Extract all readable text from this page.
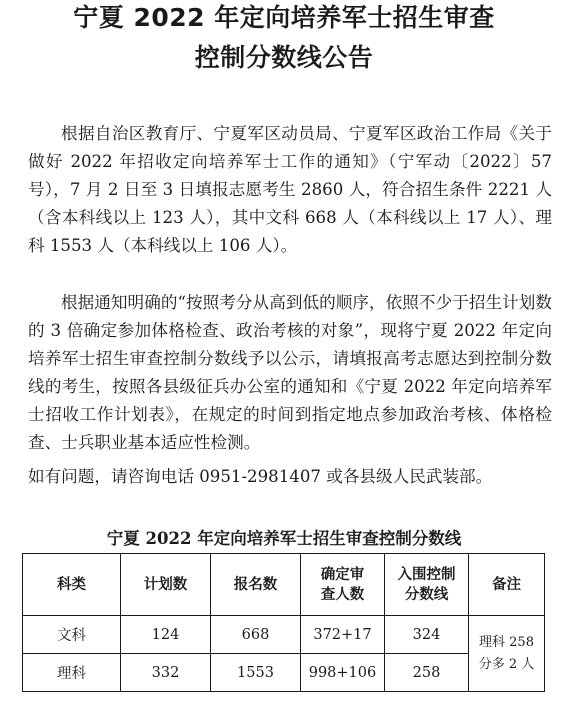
宁夏 2022 年定向培养军士招生审查
控制分数线公告

根据自治区教育厅、宁夏军区动员局、宁夏军区政治工作局《关于做好 2022 年招收定向培养军士工作的通知》（宁军动〔2022〕57 号），7 月 2 日至 3 日填报志愿考生 2860 人，符合招生条件 2221 人（含本科线以上 123 人），其中文科 668 人（本科线以上 17 人）、理科 1553 人（本科线以上 106 人）。

根据通知明确的“按照考分从高到低的顺序，依照不少于招生计划数的 3 倍确定参加体格检查、政治考核的对象”，现将宁夏 2022 年定向培养军士招生审查控制分数线予以公示，请填报高考志愿达到控制分数线的考生，按照各县级征兵办公室的通知和《宁夏 2022 年定向培养军士招收工作计划表》，在规定的时间到指定地点参加政治考核、体格检查、士兵职业基本适应性检测。

如有问题，请咨询电话 0951-2981407 或各县级人民武装部。

宁夏 2022 年定向培养军士招生审查控制分数线
科类	计划数	报名数	确定审查人数	入围控制分数线	备注
文科	124	668	372+17	324	理科 258
分多 2 人

理科	332	1553	998+106	258	
